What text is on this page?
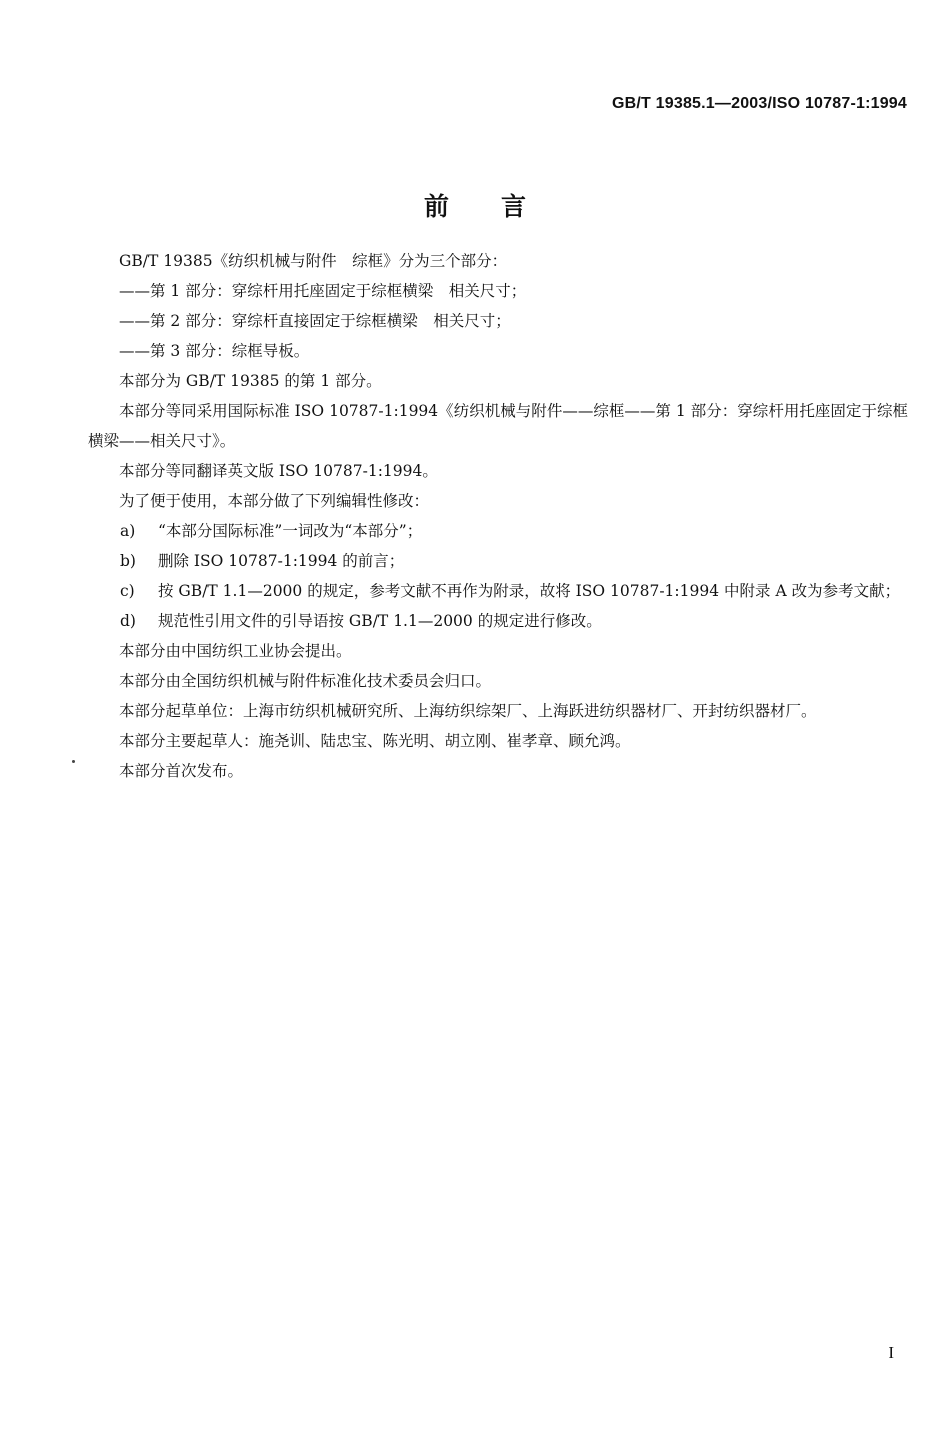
GB/T 19385.1—2003/ISO 10787-1:1994
前言

GB/T 19385《纺织机械与附件　综框》分为三个部分：

——第 1 部分：穿综杆用托座固定于综框横梁　相关尺寸；

——第 2 部分：穿综杆直接固定于综框横梁　相关尺寸；

——第 3 部分：综框导板。

本部分为 GB/T 19385 的第 1 部分。

本部分等同采用国际标准 ISO 10787-1:1994《纺织机械与附件——综框——第 1 部分：穿综杆用托座固定于综框横梁——相关尺寸》。

本部分等同翻译英文版 ISO 10787-1:1994。

为了便于使用，本部分做了下列编辑性修改：

a) “本部分国际标准”一词改为“本部分”；

b) 删除 ISO 10787-1:1994 的前言；

c) 按 GB/T 1.1—2000 的规定，参考文献不再作为附录，故将 ISO 10787-1:1994 中附录 A 改为参考文献；

d) 规范性引用文件的引导语按 GB/T 1.1—2000 的规定进行修改。

本部分由中国纺织工业协会提出。

本部分由全国纺织机械与附件标准化技术委员会归口。

本部分起草单位：上海市纺织机械研究所、上海纺织综架厂、上海跃进纺织器材厂、开封纺织器材厂。

本部分主要起草人：施尧训、陆忠宝、陈光明、胡立刚、崔孝章、顾允鸿。

本部分首次发布。

I
